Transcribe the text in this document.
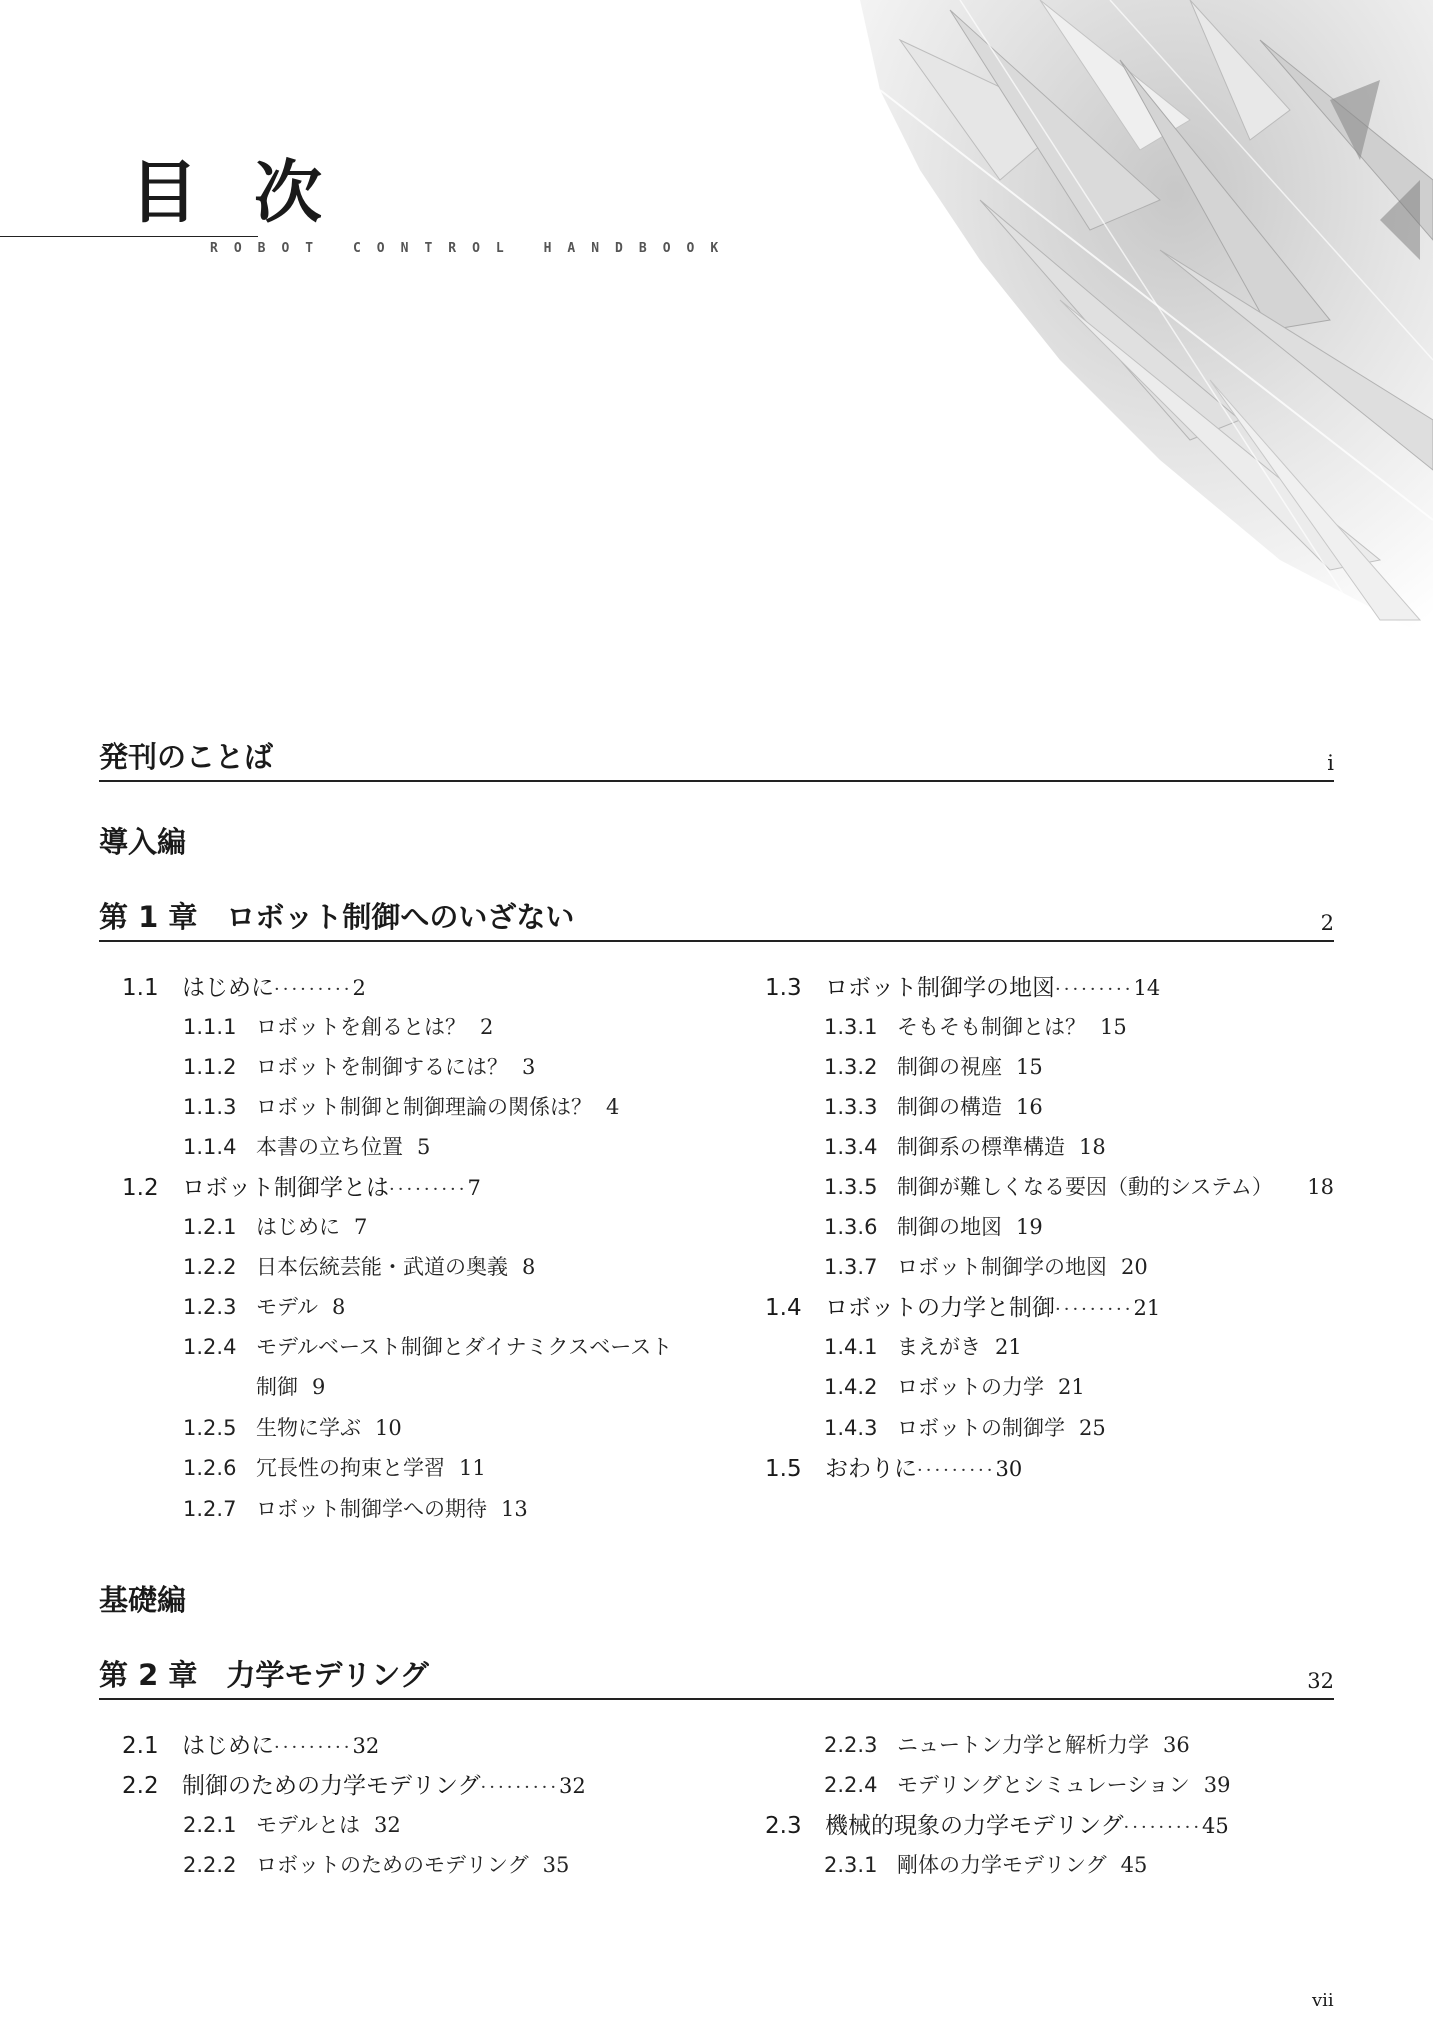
目次
ROBOT CONTROL HANDBOOK
発刊のことば	i
導入編
第 1 章　ロボット制御へのいざない	2
1.1 はじめに·········2
1.1.1 ロボットを創るとは？ 2
1.1.2 ロボットを制御するには？ 3
1.1.3 ロボット制御と制御理論の関係は？ 4
1.1.4 本書の立ち位置 5
1.2 ロボット制御学とは·········7
1.2.1 はじめに 7
1.2.2 日本伝統芸能・武道の奥義 8
1.2.3 モデル 8
1.2.4 モデルベースト制御とダイナミクスベースト
制御 9
1.2.5 生物に学ぶ 10
1.2.6 冗長性の拘束と学習 11
1.2.7 ロボット制御学への期待 13
1.3 ロボット制御学の地図·········14
1.3.1 そもそも制御とは？ 15
1.3.2 制御の視座 15
1.3.3 制御の構造 16
1.3.4 制御系の標準構造 18
1.3.5 制御が難しくなる要因（動的システム） 18
1.3.6 制御の地図 19
1.3.7 ロボット制御学の地図 20
1.4 ロボットの力学と制御·········21
1.4.1 まえがき 21
1.4.2 ロボットの力学 21
1.4.3 ロボットの制御学 25
1.5 おわりに·········30
基礎編
第 2 章　力学モデリング	32
2.1 はじめに·········32
2.2 制御のための力学モデリング·········32
2.2.1 モデルとは 32
2.2.2 ロボットのためのモデリング 35
2.2.3 ニュートン力学と解析力学 36
2.2.4 モデリングとシミュレーション 39
2.3 機械的現象の力学モデリング·········45
2.3.1 剛体の力学モデリング 45
vii
